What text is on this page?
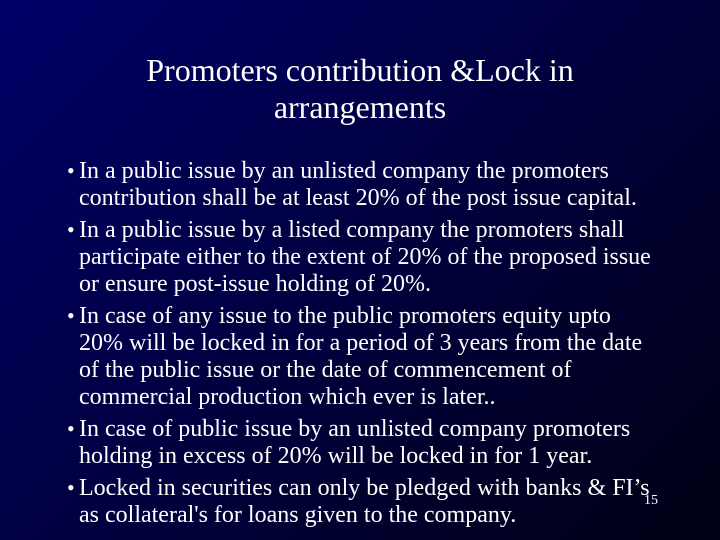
Promoters contribution &Lock in
arrangements
• In a public issue by an unlisted company the promoters contribution shall be at least 20% of the post issue capital.
• In a public issue by a listed company the promoters shall participate either to the extent of 20% of the proposed issue or ensure post-issue holding of 20%.
• In case of any issue to the public promoters equity upto 20% will be locked in for a period of 3 years from the date of the public issue or the date of commencement of commercial production which ever is later..
• In case of public issue by an unlisted company promoters holding in excess of 20% will be locked in for 1 year.
• Locked in securities can only be pledged with banks & FI’s as collateral's for loans given to the company.
15
